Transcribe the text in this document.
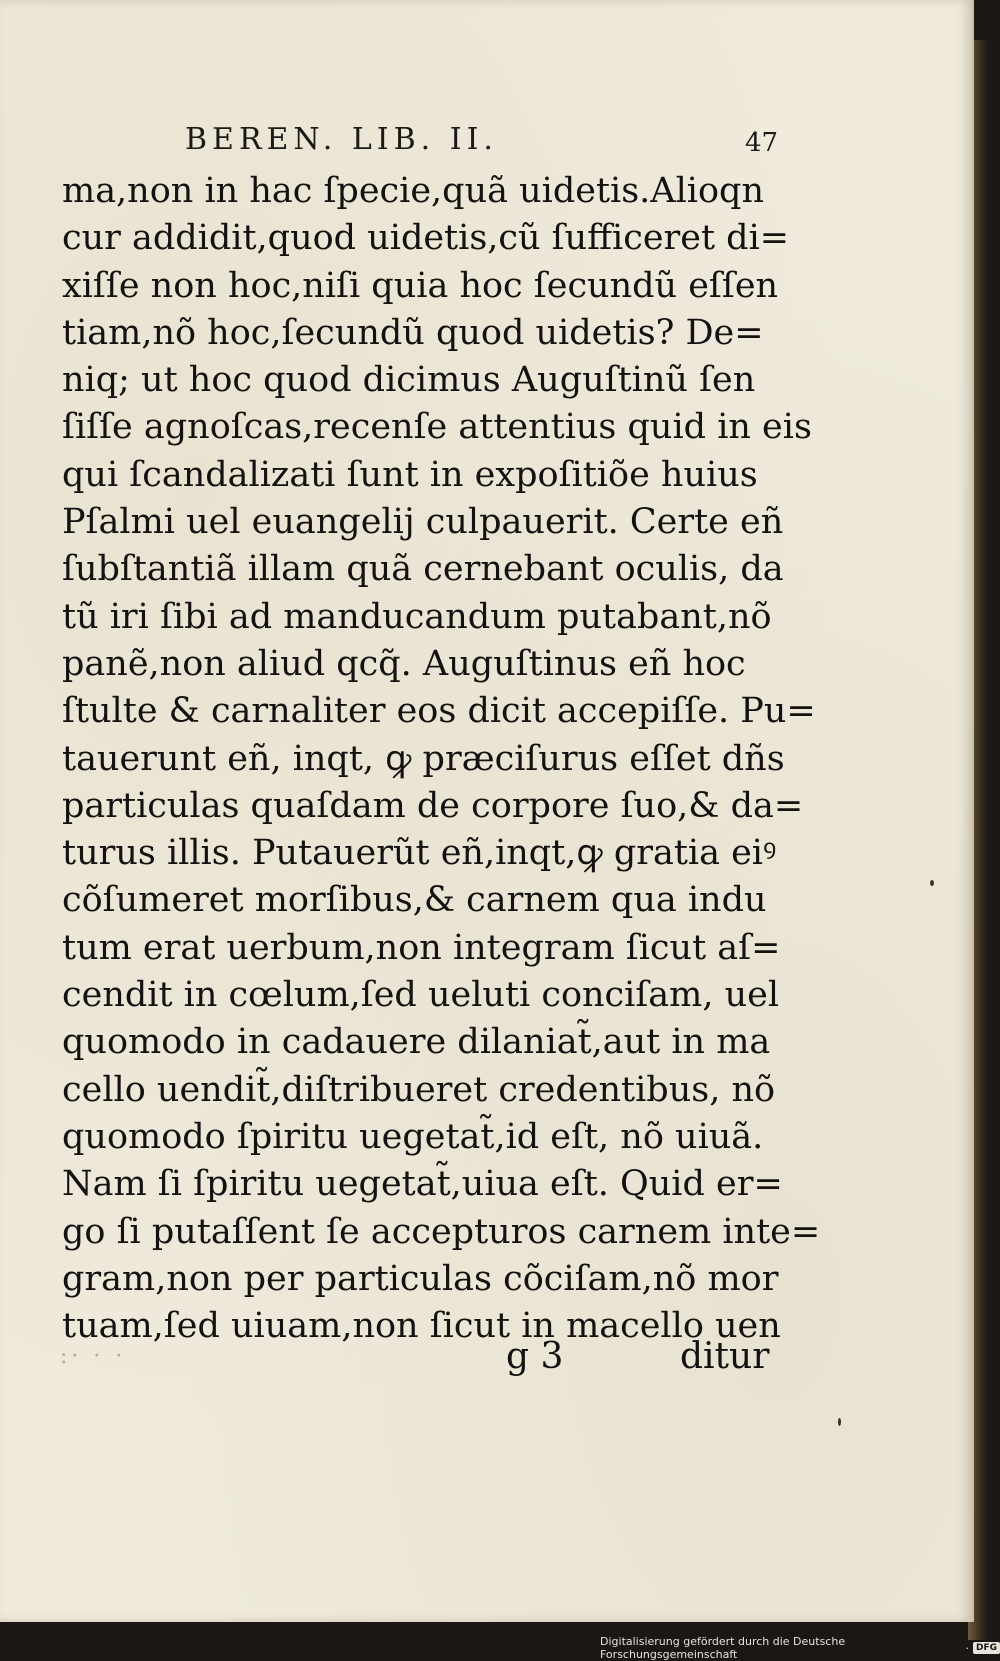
BEREN. LIB. II.	47
ma,non in hac ſpecie,quã uidetis.Alioqn
cur addidit,quod uidetis,cũ ſufficeret di=
xiſſe non hoc,niſi quia hoc ſecundũ eſſen
tiam,nõ hoc,ſecundũ quod uidetis? De=
niq; ut hoc quod dicimus Auguſtinũ ſen
ſiſſe agnoſcas,recenſe attentius quid in eis
qui ſcandalizati ſunt in expoſitiõe huius
Pſalmi uel euangelij culpauerit. Certe eñ
ſubſtantiã illam quã cernebant oculis, da
tũ iri ſibi ad manducandum putabant,nõ
panẽ,non aliud qcq̃. Auguſtinus eñ hoc
ſtulte & carnaliter eos dicit accepiſſe. Pu=
tauerunt eñ, inqt, ꝙ præciſurus eſſet dñs
particulas quaſdam de corpore ſuo,& da=
turus illis. Putauerũt eñ,inqt,ꝙ gratia eiꝰ
cõſumeret morſibus,& carnem qua indu
tum erat uerbum,non integram ſicut aſ=
cendit in cœlum,ſed ueluti conciſam, uel
quomodo in cadauere dilaniat̃,aut in ma
cello uendit̃,diſtribueret credentibus, nõ
quomodo ſpiritu uegetat̃,id eſt, nõ uiuã.
Nam ſi ſpiritu uegetat̃,uiua eſt. Quid er=
go ſi putaſſent ſe accepturos carnem inte=
gram,non per particulas cõciſam,nõ mor
tuam,ſed uiuam,non ſicut in macello uen
:· · ·	g 3	ditur
Digitalisierung gefördert durch die Deutsche Forschungsgemeinschaft	· DFG
